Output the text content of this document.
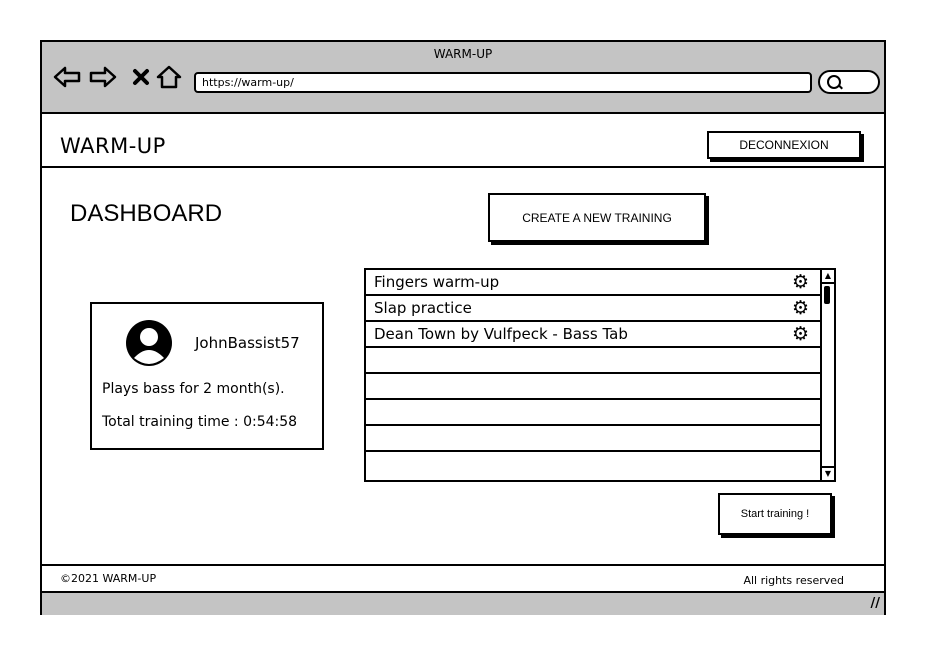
WARM-UP
https://warm-up/
WARM-UP	DECONNEXION
DASHBOARD	CREATE A NEW TRAINING
JohnBassist57
Plays bass for 2 month(s).
Total training time : 0:54:58
Fingers warm-up	⚙
Slap practice	⚙
Dean Town by Vulfpeck - Bass Tab	⚙
▲
▼
Start training !
©2021 WARM-UP	All rights reserved
//
